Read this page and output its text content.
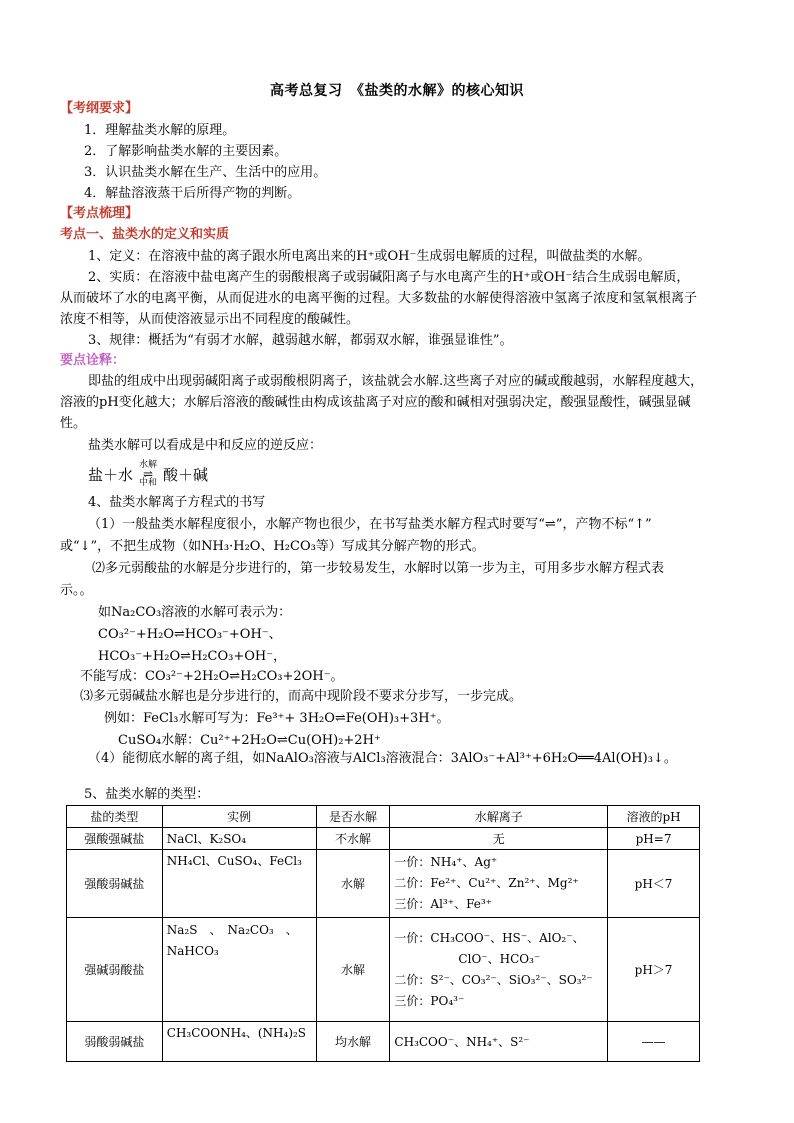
高考总复习　《盐类的水解》的核心知识
【考纲要求】
1．理解盐类水解的原理。
2．了解影响盐类水解的主要因素。
3．认识盐类水解在生产、生活中的应用。
4．解盐溶液蒸干后所得产物的判断。
【考点梳理】
考点一、盐类水的定义和实质
1、定义：在溶液中盐的离子跟水所电离出来的H⁺或OH⁻生成弱电解质的过程，叫做盐类的水解。
2、实质：在溶液中盐电离产生的弱酸根离子或弱碱阳离子与水电离产生的H⁺或OH⁻结合生成弱电解质，
从而破坏了水的电离平衡，从而促进水的电离平衡的过程。大多数盐的水解使得溶液中氢离子浓度和氢氧根离子
浓度不相等，从而使溶液显示出不同程度的酸碱性。
3、规律：概括为“有弱才水解，越弱越水解，都弱双水解，谁强显谁性”。
要点诠释：
即盐的组成中出现弱碱阳离子或弱酸根阴离子，该盐就会水解.这些离子对应的碱或酸越弱，水解程度越大，
溶液的pH变化越大；水解后溶液的酸碱性由构成该盐离子对应的酸和碱相对强弱决定，酸强显酸性，碱强显碱
性。
盐类水解可以看成是中和反应的逆反应：
盐＋水
水解
⇌
中和 酸＋碱
4、盐类水解离子方程式的书写
（1）一般盐类水解程度很小，水解产物也很少，在书写盐类水解方程式时要写“⇌”，产物不标“↑”
或“↓”，不把生成物（如NH₃·H₂O、H₂CO₃等）写成其分解产物的形式。
⑵多元弱酸盐的水解是分步进行的，第一步较易发生，水解时以第一步为主，可用多步水解方程式表
示。。
如Na₂CO₃溶液的水解可表示为：
CO₃²⁻+H₂O⇌HCO₃⁻+OH⁻、
HCO₃⁻+H₂O⇌H₂CO₃+OH⁻，
不能写成：CO₃²⁻+2H₂O⇌H₂CO₃+2OH⁻。
⑶多元弱碱盐水解也是分步进行的，而高中现阶段不要求分步写，一步完成。
例如：FeCl₃水解可写为：Fe³⁺+ 3H₂O⇌Fe(OH)₃+3H⁺。
CuSO₄水解：Cu²⁺+2H₂O⇌Cu(OH)₂+2H⁺
（4）能彻底水解的离子组，如NaAlO₃溶液与AlCl₃溶液混合：3AlO₃⁻+Al³⁺+6H₂O══4Al(OH)₃↓。
5、盐类水解的类型：
盐的类型	实例	是否水解	水解离子	溶液的pH
强酸强碱盐	NaCl、K₂SO₄	不水解	无	pH=7
强酸弱碱盐	NH₄Cl、CuSO₄、FeCl₃	水解	一价：NH₄⁺、Ag⁺
二价：Fe²⁺、Cu²⁺、Zn²⁺、Mg²⁺
三价：Al³⁺、Fe³⁺	pH＜7
强碱弱酸盐	Na₂S　、　Na₂CO₃　、NaHCO₃	水解	一价：CH₃COO⁻、HS⁻、AlO₂⁻、
ClO⁻、HCO₃⁻
二价：S²⁻、CO₃²⁻、SiO₃²⁻、SO₃²⁻
三价：PO₄³⁻	pH＞7
弱酸弱碱盐	CH₃COONH₄、(NH₄)₂S	均水解	CH₃COO⁻、NH₄⁺、S²⁻	——
